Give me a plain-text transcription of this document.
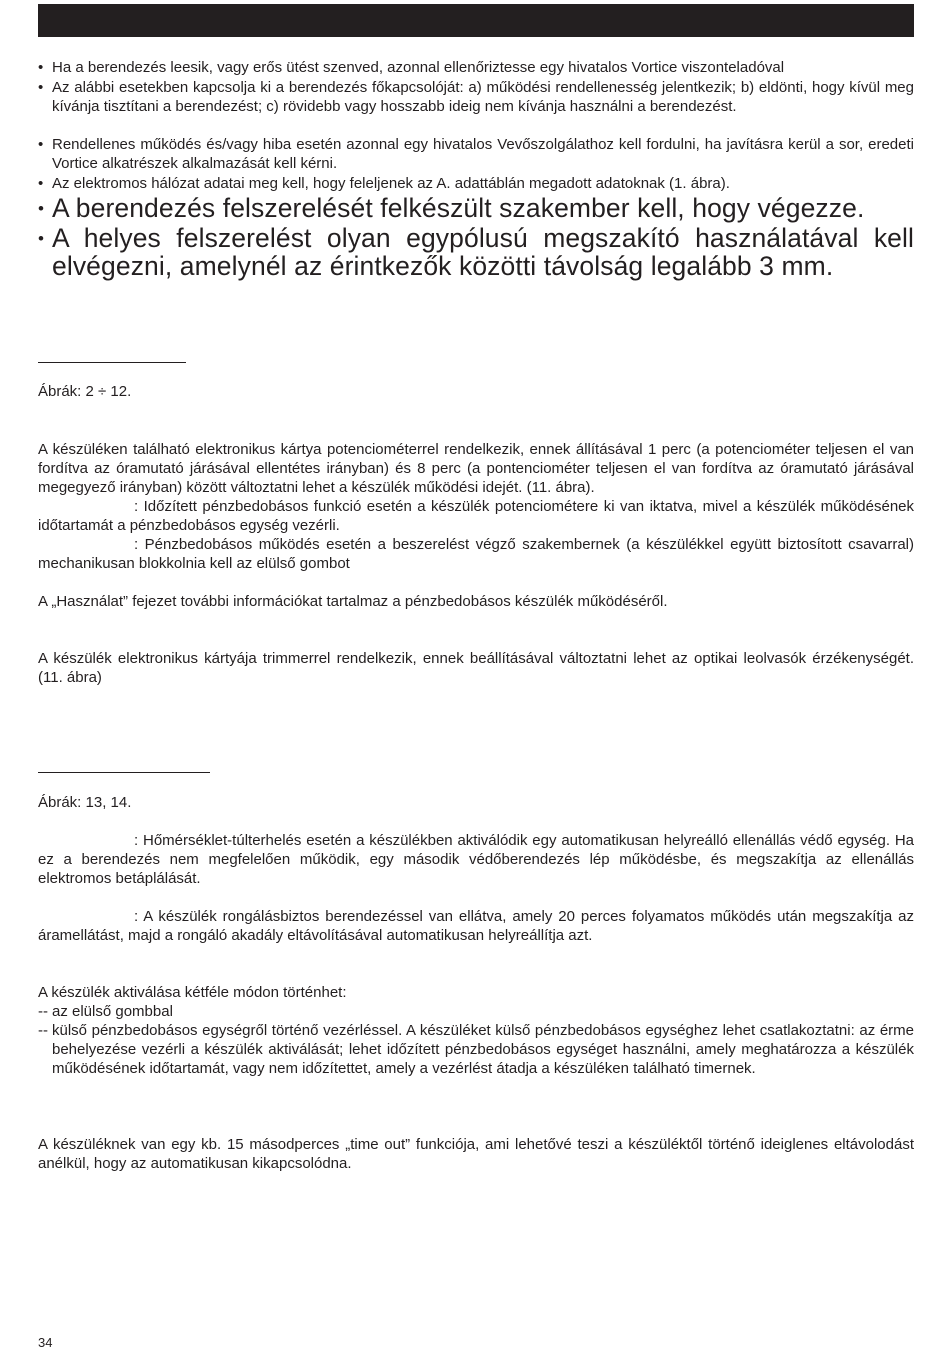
• Ha a berendezés leesik, vagy erős ütést szenved, azonnal ellenőriztesse egy hivatalos Vortice viszonteladóval

• Az alábbi esetekben kapcsolja ki a berendezés főkapcsolóját: a) működési rendellenesség jelentkezik; b) eldönti, hogy kívül meg kívánja tisztítani a berendezést; c) rövidebb vagy hosszabb ideig nem kívánja használni a berendezést.

• Rendellenes működés és/vagy hiba esetén azonnal egy hivatalos Vevőszolgálathoz kell fordulni, ha javításra kerül a sor, eredeti Vortice alkatrészek alkalmazását kell kérni.

• Az elektromos hálózat adatai meg kell, hogy feleljenek az A. adattáblán megadott adatoknak (1. ábra).

• A berendezés felszerelését felkészült szakember kell, hogy végezze.

• A helyes felszerelést olyan egypólusú megszakító használatával kell elvégezni, amelynél az érintkezők közötti távolság legalább 3 mm.

Ábrák: 2 ÷ 12.

A készüléken található elektronikus kártya potenciométerrel rendelkezik, ennek állításával 1 perc (a potenciométer teljesen el van fordítva az óramutató járásával ellentétes irányban) és 8 perc (a pontenciométer teljesen el van fordítva az óramutató járásával megegyező irányban) között változtatni lehet a készülék működési idejét. (11. ábra).

: Időzített pénzbedobásos funkció esetén a készülék potenciométere ki van iktatva, mivel a készülék működésének időtartamát a pénzbedobásos egység vezérli.

: Pénzbedobásos működés esetén a beszerelést végző szakembernek (a készülékkel együtt biztosított csavarral) mechanikusan blokkolnia kell az elülső gombot

A „Használat” fejezet további információkat tartalmaz a pénzbedobásos készülék működéséről.

A készülék elektronikus kártyája trimmerrel rendelkezik, ennek beállításával változtatni lehet az optikai leolvasók érzékenységét. (11. ábra)

Ábrák: 13, 14.

: Hőmérséklet-túlterhelés esetén a készülékben aktiválódik egy automatikusan helyreálló ellenállás védő egység. Ha ez a berendezés nem megfelelően működik, egy második védőberendezés lép működésbe, és megszakítja az ellenállás elektromos betáplálását.

: A készülék rongálásbiztos berendezéssel van ellátva, amely 20 perces folyamatos működés után megszakítja az áramellátást, majd a rongáló akadály eltávolításával automatikusan helyreállítja azt.

A készülék aktiválása kétféle módon történhet:

-- az elülső gombbal
-- külső pénzbedobásos egységről történő vezérléssel. A készüléket külső pénzbedobásos egységhez lehet csatlakoztatni: az érme behelyezése vezérli a készülék aktiválását; lehet időzített pénzbedobásos egységet használni, amely meghatározza a készülék működésének időtartamát, vagy nem időzítettet, amely a vezérlést átadja a készüléken található timernek.

A készüléknek van egy kb. 15 másodperces „time out” funkciója, ami lehetővé teszi a készüléktől történő ideiglenes eltávolodást anélkül, hogy az automatikusan kikapcsolódna.

34
